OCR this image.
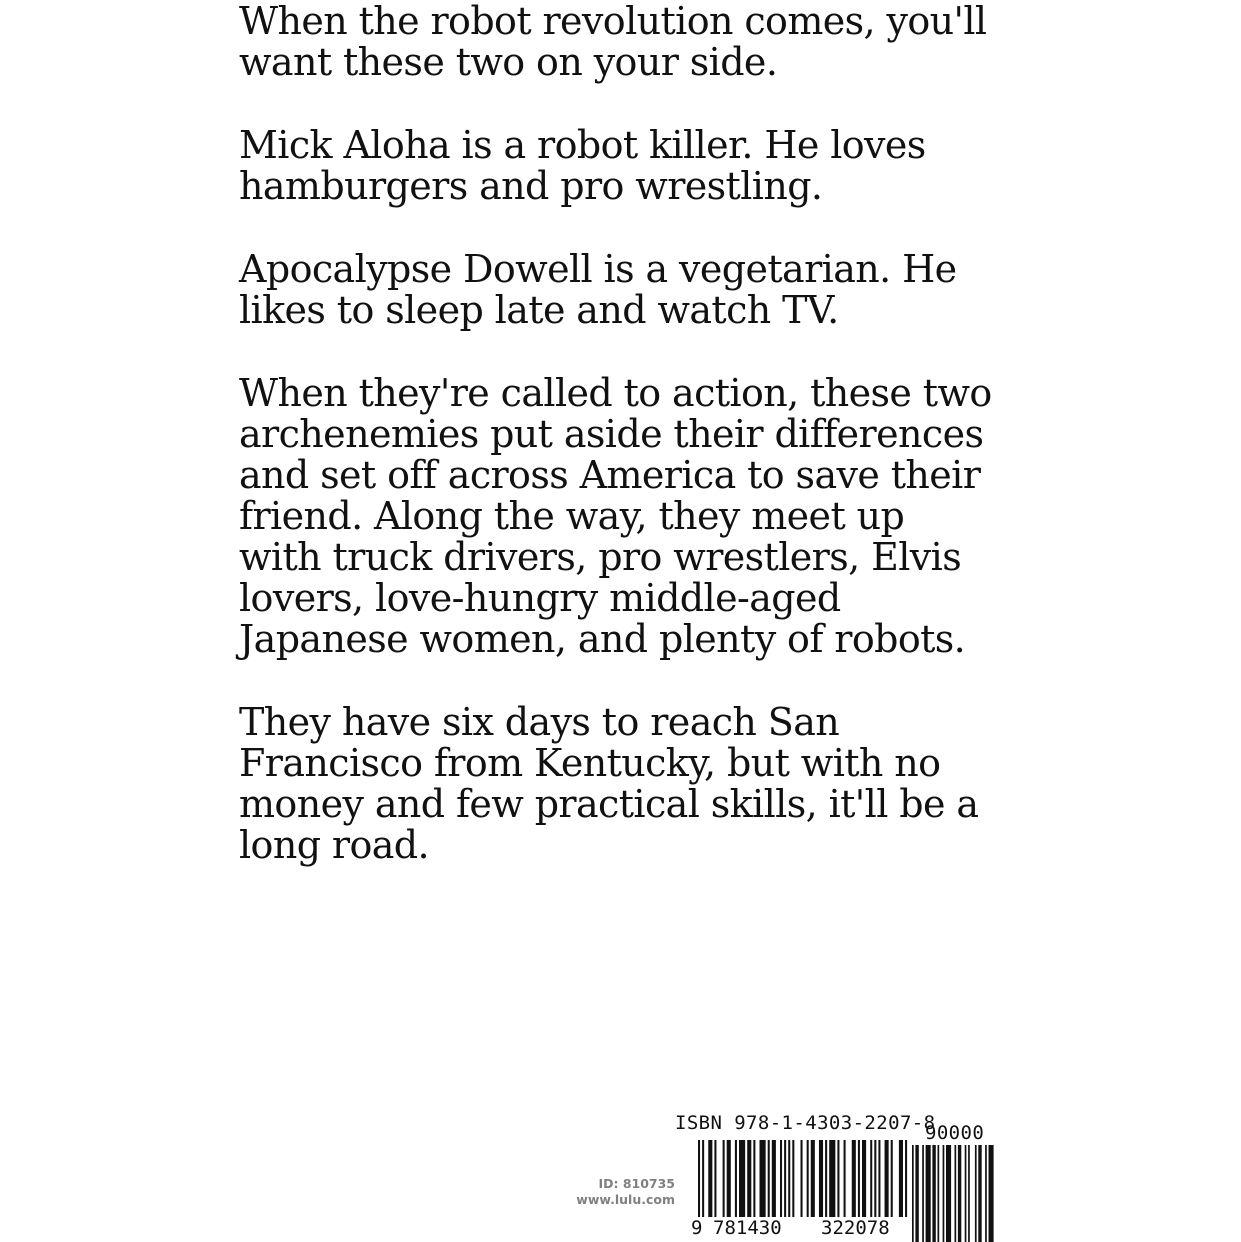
When the robot revolution comes, you'll
want these two on your side.

Mick Aloha is a robot killer. He loves
hamburgers and pro wrestling.

Apocalypse Dowell is a vegetarian. He
likes to sleep late and watch TV.

When they're called to action, these two
archenemies put aside their differences
and set off across America to save their
friend. Along the way, they meet up
with truck drivers, pro wrestlers, Elvis
lovers, love-hungry middle-aged
Japanese women, and plenty of robots.

They have six days to reach San
Francisco from Kentucky, but with no
money and few practical skills, it'll be a
long road.

ID: 810735
www.lulu.com
ISBN 978-1-4303-2207-8
90000
9 781430 322078
